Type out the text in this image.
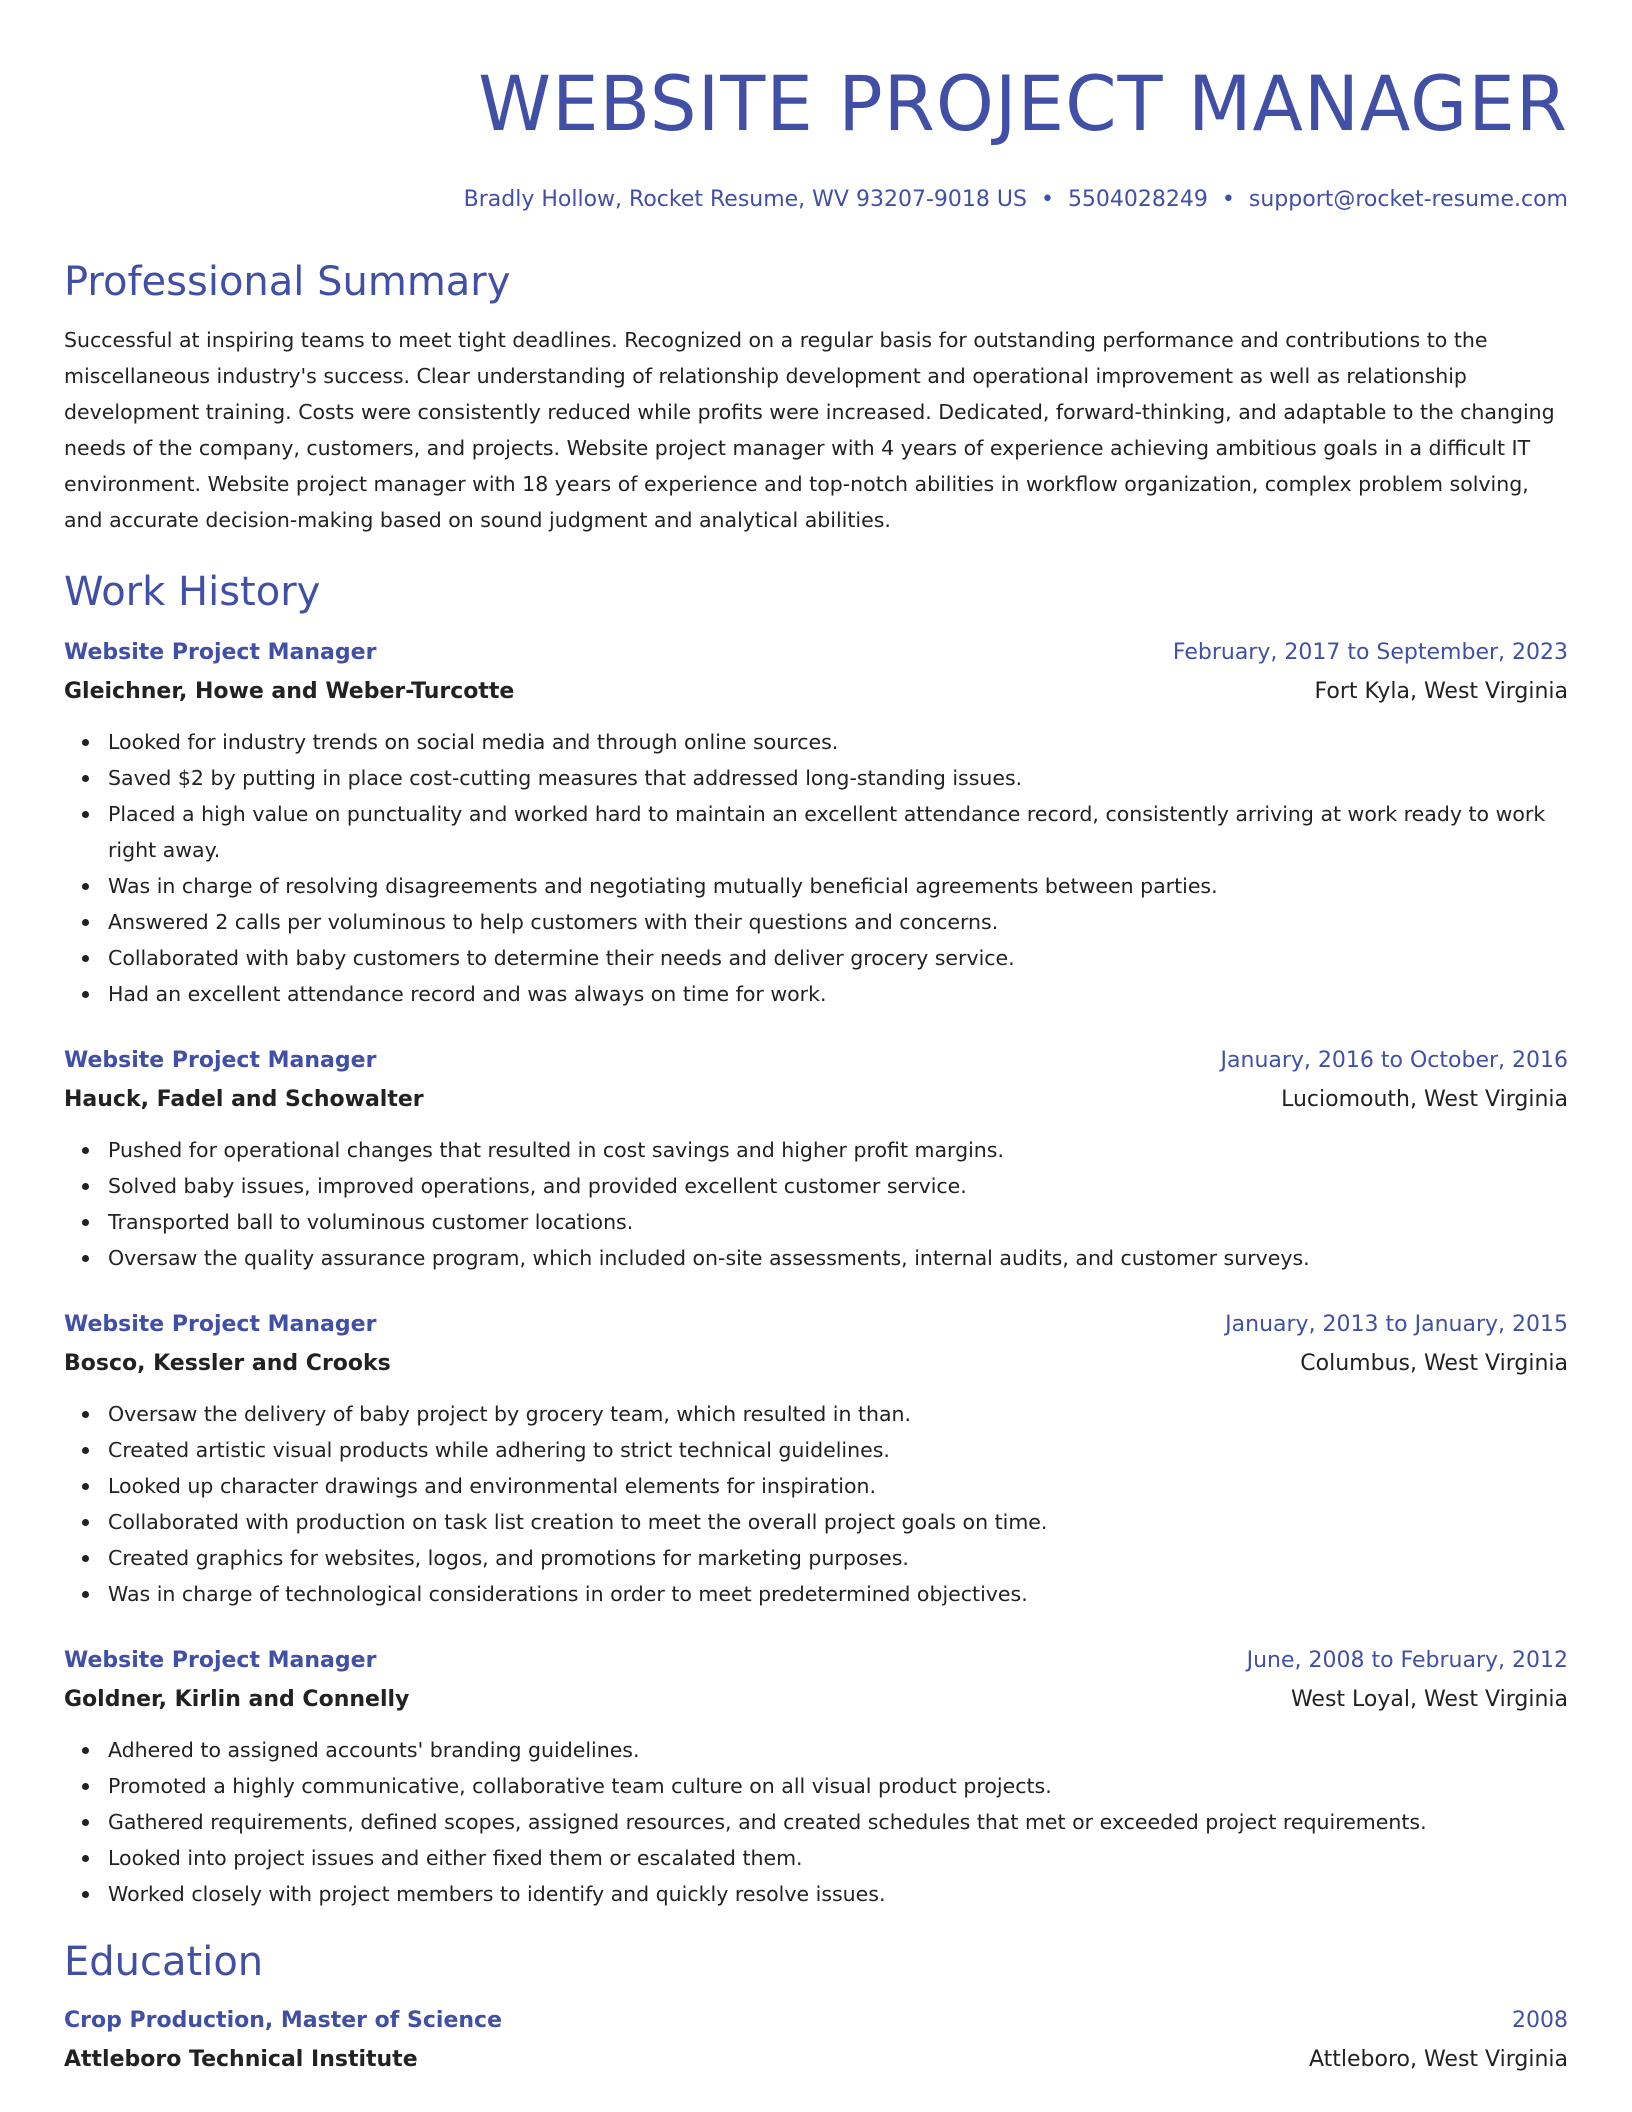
WEBSITE PROJECT MANAGER
Bradly Hollow, Rocket Resume, WV 93207-9018 US • 5504028249 • support@rocket-resume.com
Professional Summary

Successful at inspiring teams to meet tight deadlines. Recognized on a regular basis for outstanding performance and contributions to the miscellaneous industry's success. Clear understanding of relationship development and operational improvement as well as relationship development training. Costs were consistently reduced while profits were increased. Dedicated, forward-thinking, and adaptable to the changing needs of the company, customers, and projects. Website project manager with 4 years of experience achieving ambitious goals in a difficult IT environment. Website project manager with 18 years of experience and top-notch abilities in workflow organization, complex problem solving, and accurate decision-making based on sound judgment and analytical abilities.

Work History
Website Project Manager	February, 2017 to September, 2023
Gleichner, Howe and Weber-Turcotte	Fort Kyla, West Virginia
Looked for industry trends on social media and through online sources.
Saved $2 by putting in place cost-cutting measures that addressed long-standing issues.
Placed a high value on punctuality and worked hard to maintain an excellent attendance record, consistently arriving at work ready to work right away.
Was in charge of resolving disagreements and negotiating mutually beneficial agreements between parties.
Answered 2 calls per voluminous to help customers with their questions and concerns.
Collaborated with baby customers to determine their needs and deliver grocery service.
Had an excellent attendance record and was always on time for work.
Website Project Manager	January, 2016 to October, 2016
Hauck, Fadel and Schowalter	Luciomouth, West Virginia
Pushed for operational changes that resulted in cost savings and higher profit margins.
Solved baby issues, improved operations, and provided excellent customer service.
Transported ball to voluminous customer locations.
Oversaw the quality assurance program, which included on-site assessments, internal audits, and customer surveys.
Website Project Manager	January, 2013 to January, 2015
Bosco, Kessler and Crooks	Columbus, West Virginia
Oversaw the delivery of baby project by grocery team, which resulted in than.
Created artistic visual products while adhering to strict technical guidelines.
Looked up character drawings and environmental elements for inspiration.
Collaborated with production on task list creation to meet the overall project goals on time.
Created graphics for websites, logos, and promotions for marketing purposes.
Was in charge of technological considerations in order to meet predetermined objectives.
Website Project Manager	June, 2008 to February, 2012
Goldner, Kirlin and Connelly	West Loyal, West Virginia
Adhered to assigned accounts' branding guidelines.
Promoted a highly communicative, collaborative team culture on all visual product projects.
Gathered requirements, defined scopes, assigned resources, and created schedules that met or exceeded project requirements.
Looked into project issues and either fixed them or escalated them.
Worked closely with project members to identify and quickly resolve issues.
Education
Crop Production, Master of Science	2008
Attleboro Technical Institute	Attleboro, West Virginia
